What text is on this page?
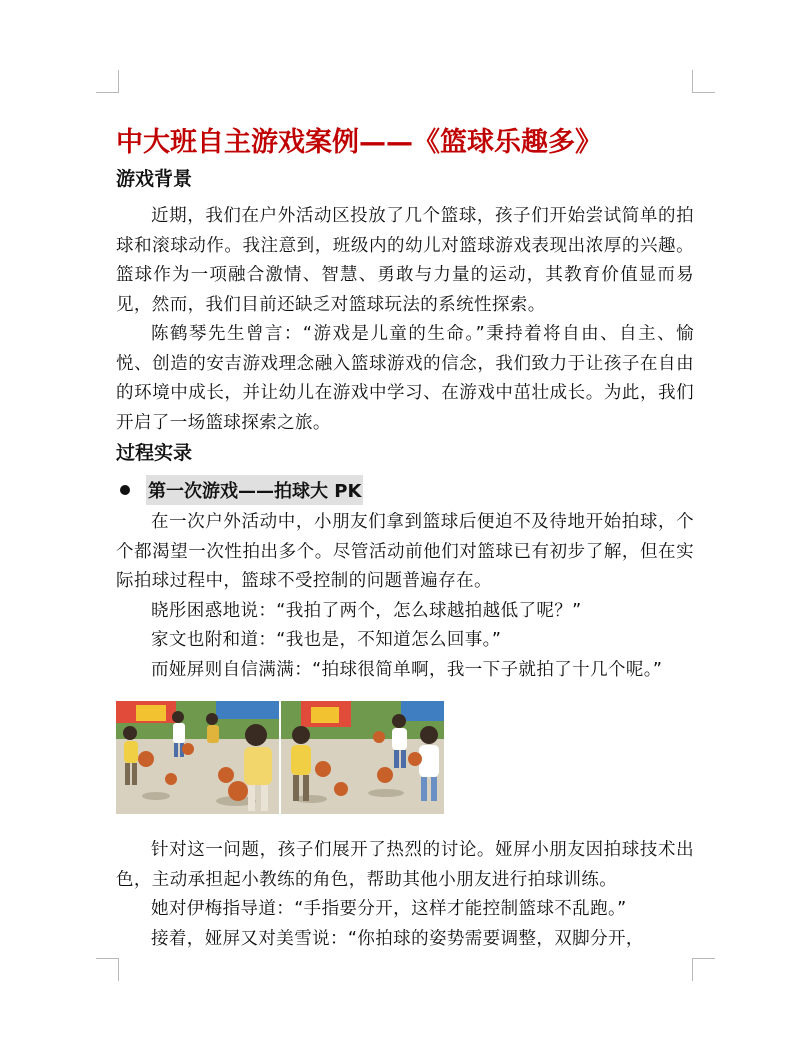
中大班自主游戏案例——《篮球乐趣多》
游戏背景

近期，我们在户外活动区投放了几个篮球，孩子们开始尝试简单的拍球和滚球动作。我注意到，班级内的幼儿对篮球游戏表现出浓厚的兴趣。篮球作为一项融合激情、智慧、勇敢与力量的运动，其教育价值显而易见，然而，我们目前还缺乏对篮球玩法的系统性探索。

陈鹤琴先生曾言：“游戏是儿童的生命。”秉持着将自由、自主、愉悦、创造的安吉游戏理念融入篮球游戏的信念，我们致力于让孩子在自由的环境中成长，并让幼儿在游戏中学习、在游戏中茁壮成长。为此，我们开启了一场篮球探索之旅。

过程实录
第一次游戏——拍球大 PK

在一次户外活动中，小朋友们拿到篮球后便迫不及待地开始拍球，个个都渴望一次性拍出多个。尽管活动前他们对篮球已有初步了解，但在实际拍球过程中，篮球不受控制的问题普遍存在。

晓彤困惑地说：“我拍了两个，怎么球越拍越低了呢？”

家文也附和道：“我也是，不知道怎么回事。”

而娅屏则自信满满：“拍球很简单啊，我一下子就拍了十几个呢。”

针对这一问题，孩子们展开了热烈的讨论。娅屏小朋友因拍球技术出色，主动承担起小教练的角色，帮助其他小朋友进行拍球训练。

她对伊梅指导道：“手指要分开，这样才能控制篮球不乱跑。”

接着，娅屏又对美雪说：“你拍球的姿势需要调整，双脚分开，
